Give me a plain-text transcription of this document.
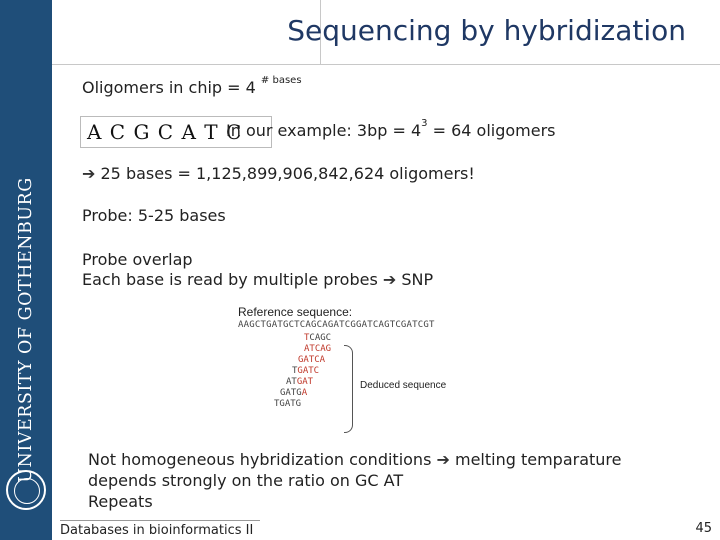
UNIVERSITY OF GOTHENBURG
Sequencing by hybridization
Oligomers in chip = 4 $^{\# bases}$
A C G C A T C
In our example: $3bp = 4^3 = 64$ oligomers
➔ 25 bases = 1,125,899,906,842,624 oligomers!
Probe: 5-25 bases
Probe overlap
Each base is read by multiple probes ➔ SNP
Reference sequence:
AAGCTGATGCTCAGCAGATCGGATCAGTCGATCGT
TCAGC
ATCAG
GATCA
TGATC
ATGAT
GATGA
TGATG
Deduced sequence
Not homogeneous hybridization conditions ➔ melting temparature
depends strongly on the ratio on GC AT
Repeats
Databases in bioinformatics II	45
